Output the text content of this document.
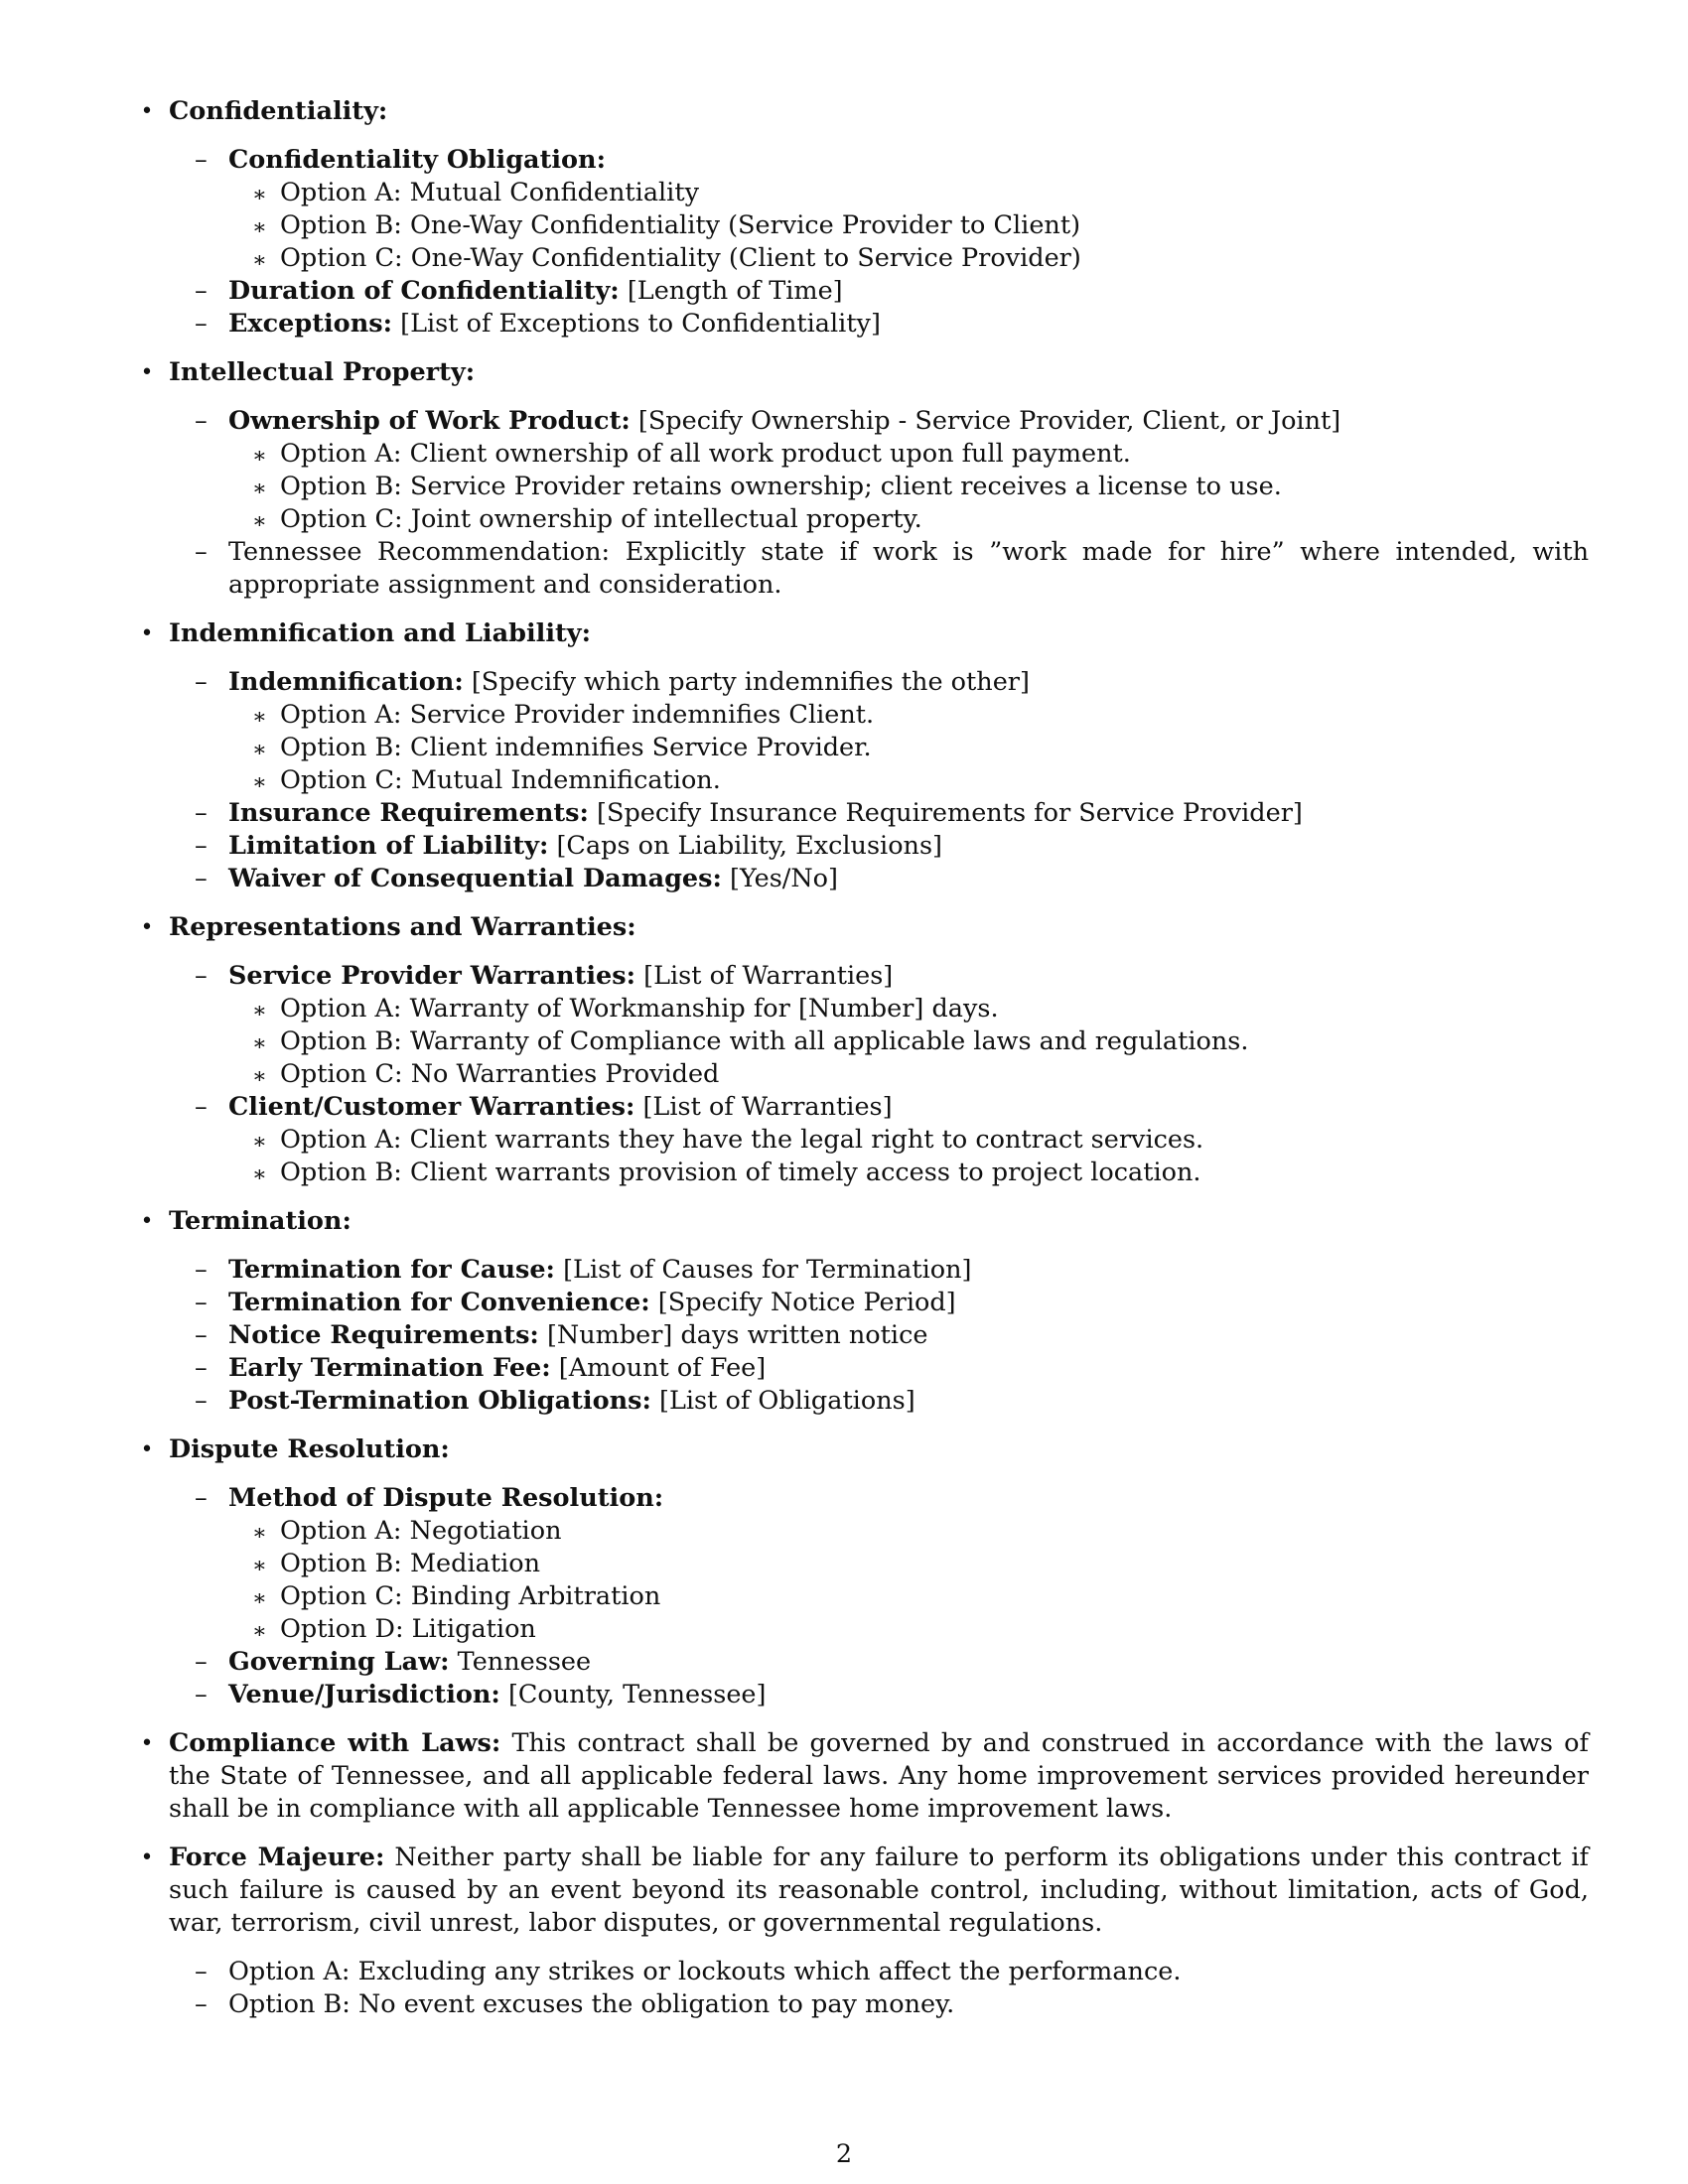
• Confidentiality:
– Confidentiality Obligation:
∗ Option A: Mutual Confidentiality
∗ Option B: One-Way Confidentiality (Service Provider to Client)
∗ Option C: One-Way Confidentiality (Client to Service Provider)
– Duration of Confidentiality: [Length of Time]
– Exceptions: [List of Exceptions to Confidentiality]
• Intellectual Property:
– Ownership of Work Product: [Specify Ownership - Service Provider, Client, or Joint]
∗ Option A: Client ownership of all work product upon full payment.
∗ Option B: Service Provider retains ownership; client receives a license to use.
∗ Option C: Joint ownership of intellectual property.
– Tennessee Recommendation: Explicitly state if work is ”work made for hire” where intended, with appropriate assignment and consideration.
• Indemnification and Liability:
– Indemnification: [Specify which party indemnifies the other]
∗ Option A: Service Provider indemnifies Client.
∗ Option B: Client indemnifies Service Provider.
∗ Option C: Mutual Indemnification.
– Insurance Requirements: [Specify Insurance Requirements for Service Provider]
– Limitation of Liability: [Caps on Liability, Exclusions]
– Waiver of Consequential Damages: [Yes/No]
• Representations and Warranties:
– Service Provider Warranties: [List of Warranties]
∗ Option A: Warranty of Workmanship for [Number] days.
∗ Option B: Warranty of Compliance with all applicable laws and regulations.
∗ Option C: No Warranties Provided
– Client/Customer Warranties: [List of Warranties]
∗ Option A: Client warrants they have the legal right to contract services.
∗ Option B: Client warrants provision of timely access to project location.
• Termination:
– Termination for Cause: [List of Causes for Termination]
– Termination for Convenience: [Specify Notice Period]
– Notice Requirements: [Number] days written notice
– Early Termination Fee: [Amount of Fee]
– Post-Termination Obligations: [List of Obligations]
• Dispute Resolution:
– Method of Dispute Resolution:
∗ Option A: Negotiation
∗ Option B: Mediation
∗ Option C: Binding Arbitration
∗ Option D: Litigation
– Governing Law: Tennessee
– Venue/Jurisdiction: [County, Tennessee]
• Compliance with Laws: This contract shall be governed by and construed in accordance with the laws of the State of Tennessee, and all applicable federal laws. Any home improvement services provided hereunder shall be in compliance with all applicable Tennessee home improvement laws.
• Force Majeure: Neither party shall be liable for any failure to perform its obligations under this contract if such failure is caused by an event beyond its reasonable control, including, without limitation, acts of God, war, terrorism, civil unrest, labor disputes, or governmental regulations.
– Option A: Excluding any strikes or lockouts which affect the performance.
– Option B: No event excuses the obligation to pay money.
2
